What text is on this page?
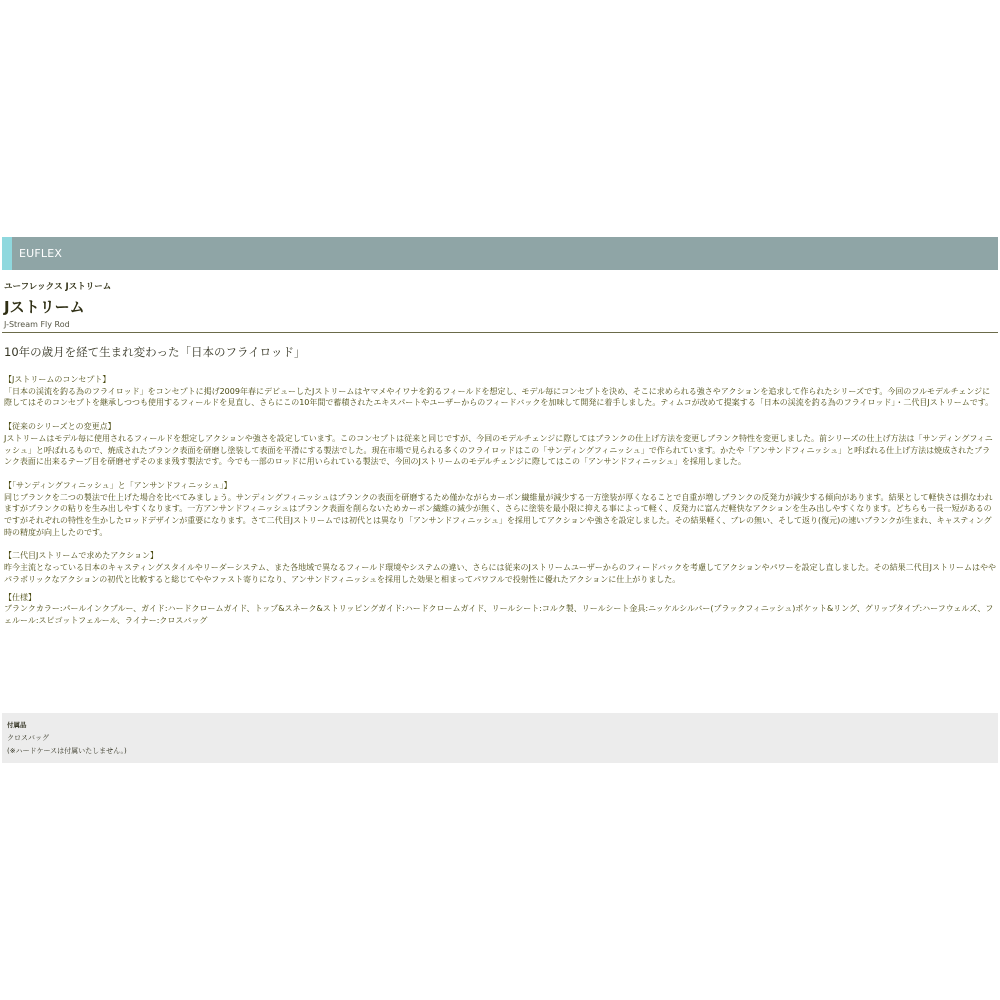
EUFLEX
ユーフレックス Jストリーム
Jストリーム
J-Stream Fly Rod
10年の歳月を経て生まれ変わった「日本のフライロッド」
【Jストリームのコンセプト】
「日本の渓流を釣る為のフライロッド」をコンセプトに掲げ2009年春にデビューしたJストリームはヤマメやイワナを釣るフィールドを想定し、モデル毎にコンセプトを決め、そこに求められる強さやアクションを追求して作られたシリーズです。今回のフルモデルチェンジに際してはそのコンセプトを継承しつつも使用するフィールドを見直し、さらにこの10年間で蓄積されたエキスパートやユーザーからのフィードバックを加味して開発に着手しました。ティムコが改めて提案する「日本の渓流を釣る為のフライロッド」・二代目Jストリームです。
【従来のシリーズとの変更点】
Jストリームはモデル毎に使用されるフィールドを想定しアクションや強さを設定しています。このコンセプトは従来と同じですが、今回のモデルチェンジに際してはブランクの仕上げ方法を変更しブランク特性を変更しました。前シリーズの仕上げ方法は「サンディングフィニッシュ」と呼ばれるもので、焼成されたブランク表面を研磨し塗装して表面を平滑にする製法でした。現在市場で見られる多くのフライロッドはこの「サンディングフィニッシュ」で作られています。かたや「アンサンドフィニッシュ」と呼ばれる仕上げ方法は焼成されたブランク表面に出来るテープ目を研磨せずそのまま残す製法です。今でも一部のロッドに用いられている製法で、今回のJストリームのモデルチェンジに際してはこの「アンサンドフィニッシュ」を採用しました。
【「サンディングフィニッシュ」と「アンサンドフィニッシュ」】
同じブランクを二つの製法で仕上げた場合を比べてみましょう。サンディングフィニッシュはブランクの表面を研磨するため僅かながらカーボン繊維量が減少する一方塗装が厚くなることで自重が増しブランクの反発力が減少する傾向があります。結果として軽快さは損なわれますがブランクの粘りを生み出しやすくなります。一方アンサンドフィニッシュはブランク表面を削らないためカーボン繊維の減少が無く、さらに塗装を最小限に抑える事によって軽く、反発力に富んだ軽快なアクションを生み出しやすくなります。どちらも一長一短があるのですがそれぞれの特性を生かしたロッドデザインが重要になります。さて二代目Jストリームでは初代とは異なり「アンサンドフィニッシュ」を採用してアクションや強さを設定しました。その結果軽く、ブレの無い、そして返り(復元)の速いブランクが生まれ、キャスティング時の精度が向上したのです。
【二代目Jストリームで求めたアクション】
昨今主流となっている日本のキャスティングスタイルやリーダーシステム、また各地域で異なるフィールド環境やシステムの違い、さらには従来のJストリームユーザーからのフィードバックを考慮してアクションやパワーを設定し直しました。その結果二代目Jストリームはややパラボリックなアクションの初代と比較すると総じてややファスト寄りになり、アンサンドフィニッシュを採用した効果と相まってパワフルで投射性に優れたアクションに仕上がりました。
【仕様】
ブランクカラー:パールインクブルー、ガイド:ハードクロームガイド、トップ&スネーク&ストリッピングガイド:ハードクロームガイド、リールシート:コルク製、リールシート金具:ニッケルシルバー(ブラックフィニッシュ)ポケット&リング、グリップタイプ:ハーフウェルズ、フェルール:スピゴットフェルール、ライナー:クロスバッグ
付属品
クロスバッグ
(※ハードケースは付属いたしません。)
